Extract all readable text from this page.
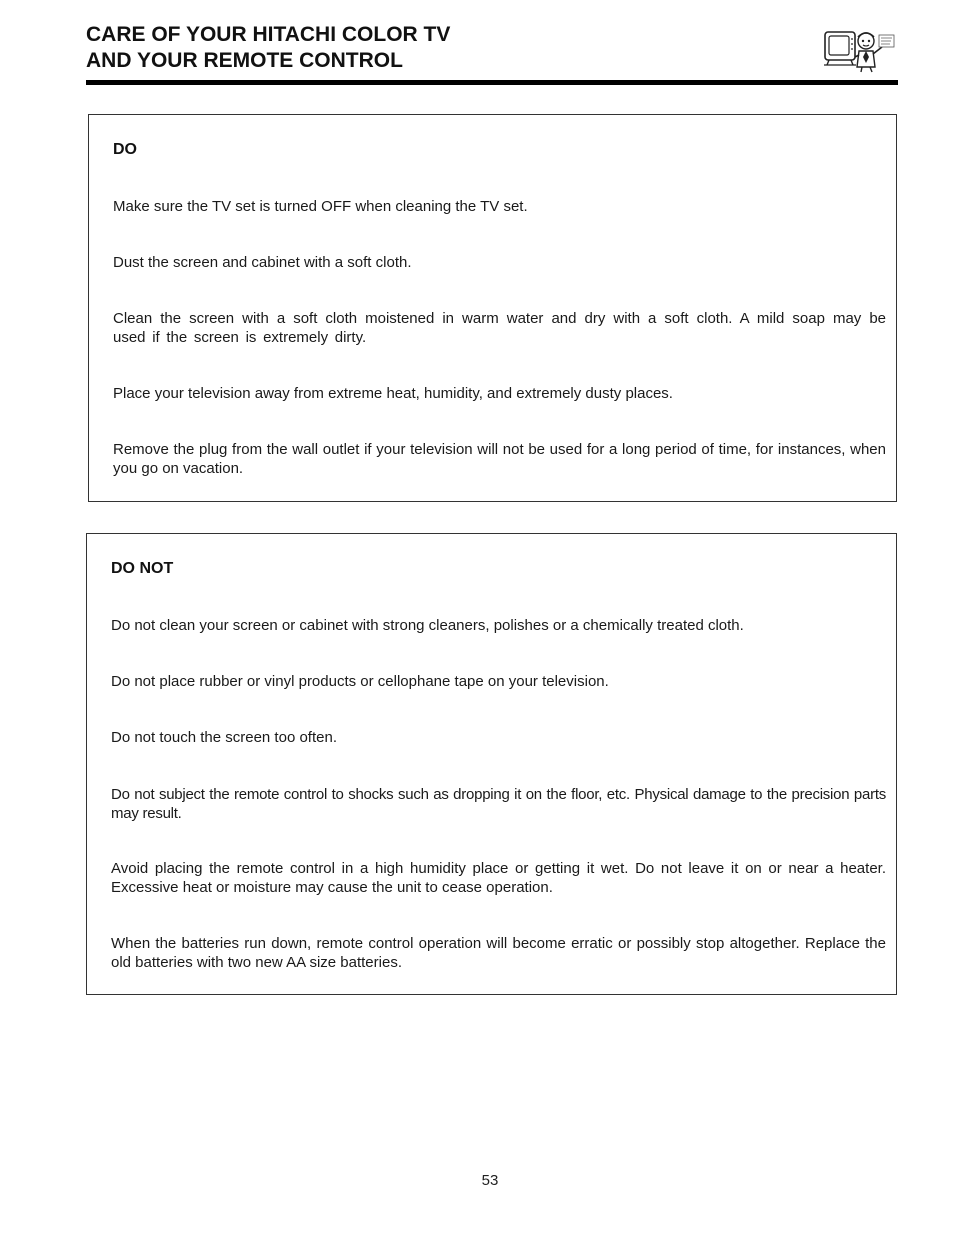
CARE OF YOUR HITACHI COLOR TV
AND YOUR REMOTE CONTROL
DO

Make sure the TV set is turned OFF when cleaning the TV set.

Dust the screen and cabinet with a soft cloth.

Clean the screen with a soft cloth moistened in warm water and dry with a soft cloth. A mild soap may be used if the screen is extremely dirty.

Place your television away from extreme heat, humidity, and extremely dusty places.

Remove the plug from the wall outlet if your television will not be used for a long period of time, for instances, when you go on vacation.

DO NOT

Do not clean your screen or cabinet with strong cleaners, polishes or a chemically treated cloth.

Do not place rubber or vinyl products or cellophane tape on your television.

Do not touch the screen too often.

Do not subject the remote control to shocks such as dropping it on the floor, etc. Physical damage to the precision parts may result.

Avoid placing the remote control in a high humidity place or getting it wet. Do not leave it on or near a heater. Excessive heat or moisture may cause the unit to cease operation.

When the batteries run down, remote control operation will become erratic or possibly stop altogether. Replace the old batteries with two new AA size batteries.

53
